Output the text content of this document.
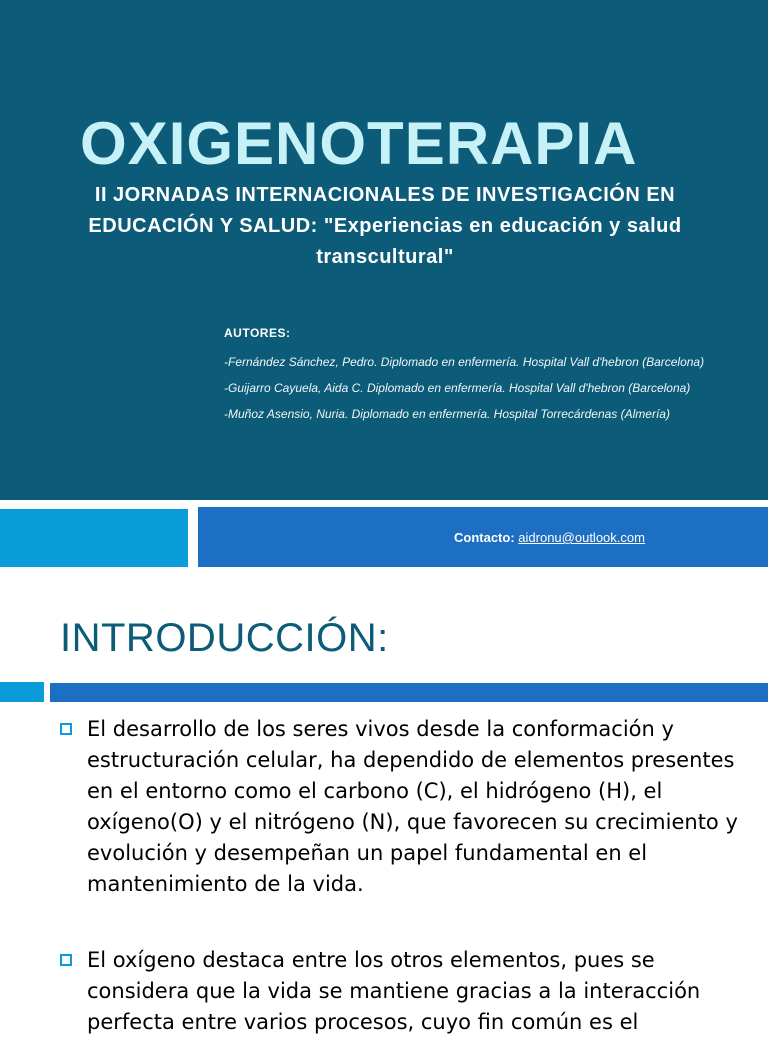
OXIGENOTERAPIA

II JORNADAS INTERNACIONALES DE INVESTIGACIÓN EN EDUCACIÓN Y SALUD: "Experiencias en educación y salud transcultural"

AUTORES:

-Fernández Sánchez, Pedro. Diplomado en enfermería. Hospital Vall d'hebron (Barcelona)
-Guijarro Cayuela, Aida C. Diplomado en enfermería. Hospital Vall d'hebron (Barcelona)
-Muñoz Asensio, Nuria. Diplomado en enfermería. Hospital Torrecárdenas (Almería)
Contacto: aidronu@outlook.com
INTRODUCCIÓN:
El desarrollo de los seres vivos desde la conformación y estructuración celular, ha dependido de elementos presentes en el entorno como el carbono (C), el hidrógeno (H), el oxígeno(O) y el nitrógeno (N), que favorecen su crecimiento y evolución y desempeñan un papel fundamental en el mantenimiento de la vida.
El oxígeno destaca entre los otros elementos, pues se considera que la vida se mantiene gracias a la interacción perfecta entre varios procesos, cuyo fin común es el
